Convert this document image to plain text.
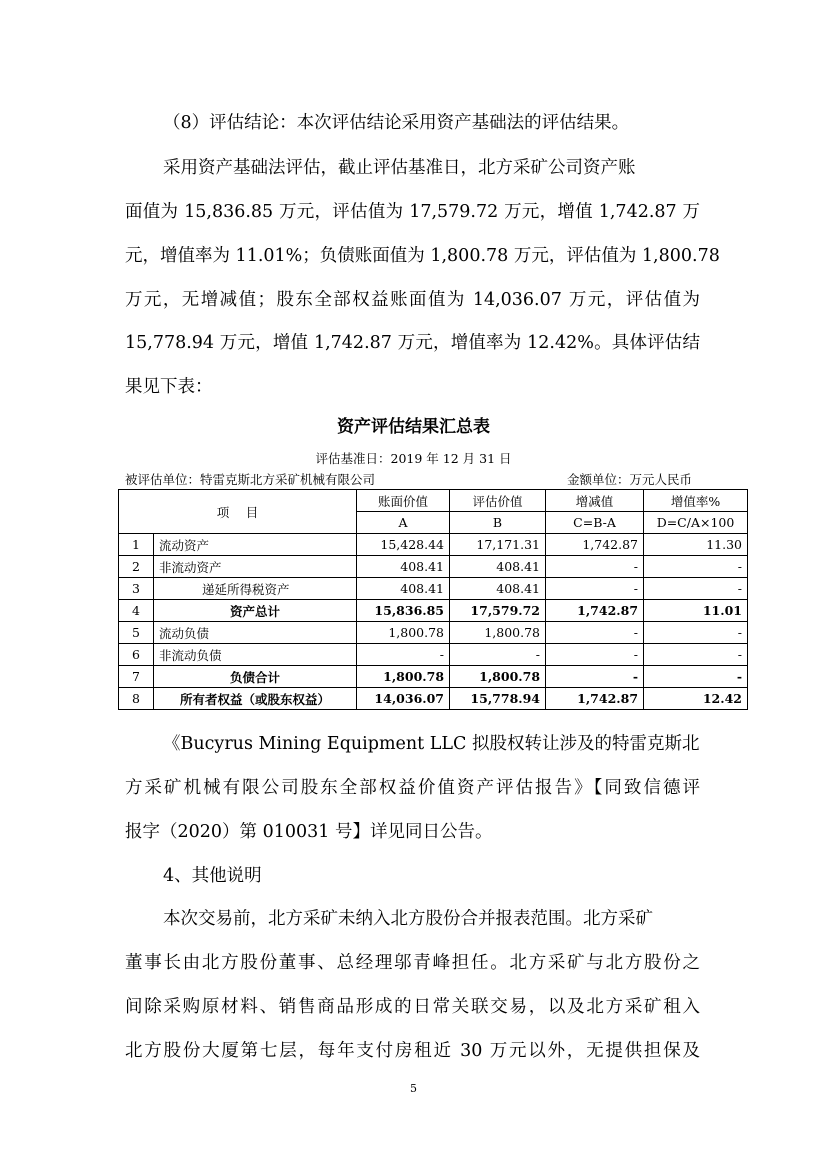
（8）评估结论：本次评估结论采用资产基础法的评估结果。
采用资产基础法评估，截止评估基准日，北方采矿公司资产账
面值为 15,836.85 万元，评估值为 17,579.72 万元，增值 1,742.87 万
元，增值率为 11.01%；负债账面值为 1,800.78 万元，评估值为 1,800.78
万元，无增减值；股东全部权益账面值为 14,036.07 万元，评估值为
15,778.94 万元，增值 1,742.87 万元，增值率为 12.42%。具体评估结
果见下表：
资产评估结果汇总表
评估基准日：2019 年 12 月 31 日
被评估单位：特雷克斯北方采矿机械有限公司	金额单位：万元人民币
项　 目		账面价值	评估价值	增减值	增值率%
		A	B	C=B-A	D=C/A×100
1	流动资产	15,428.44	17,171.31	1,742.87	11.30
2	非流动资产	408.41	408.41	-	-
3	递延所得税资产	408.41	408.41	-	-
4	资产总计	15,836.85	17,579.72	1,742.87	11.01
5	流动负债	1,800.78	1,800.78	-	-
6	非流动负债	-	-	-	-
7	负债合计	1,800.78	1,800.78	-	-
8	所有者权益（或股东权益）	14,036.07	15,778.94	1,742.87	12.42
《Bucyrus Mining Equipment LLC 拟股权转让涉及的特雷克斯北
方采矿机械有限公司股东全部权益价值资产评估报告》【同致信德评
报字（2020）第 010031 号】详见同日公告。
4、其他说明
本次交易前，北方采矿未纳入北方股份合并报表范围。北方采矿
董事长由北方股份董事、总经理邬青峰担任。北方采矿与北方股份之
间除采购原材料、销售商品形成的日常关联交易，以及北方采矿租入
北方股份大厦第七层，每年支付房租近 30 万元以外，无提供担保及
5
